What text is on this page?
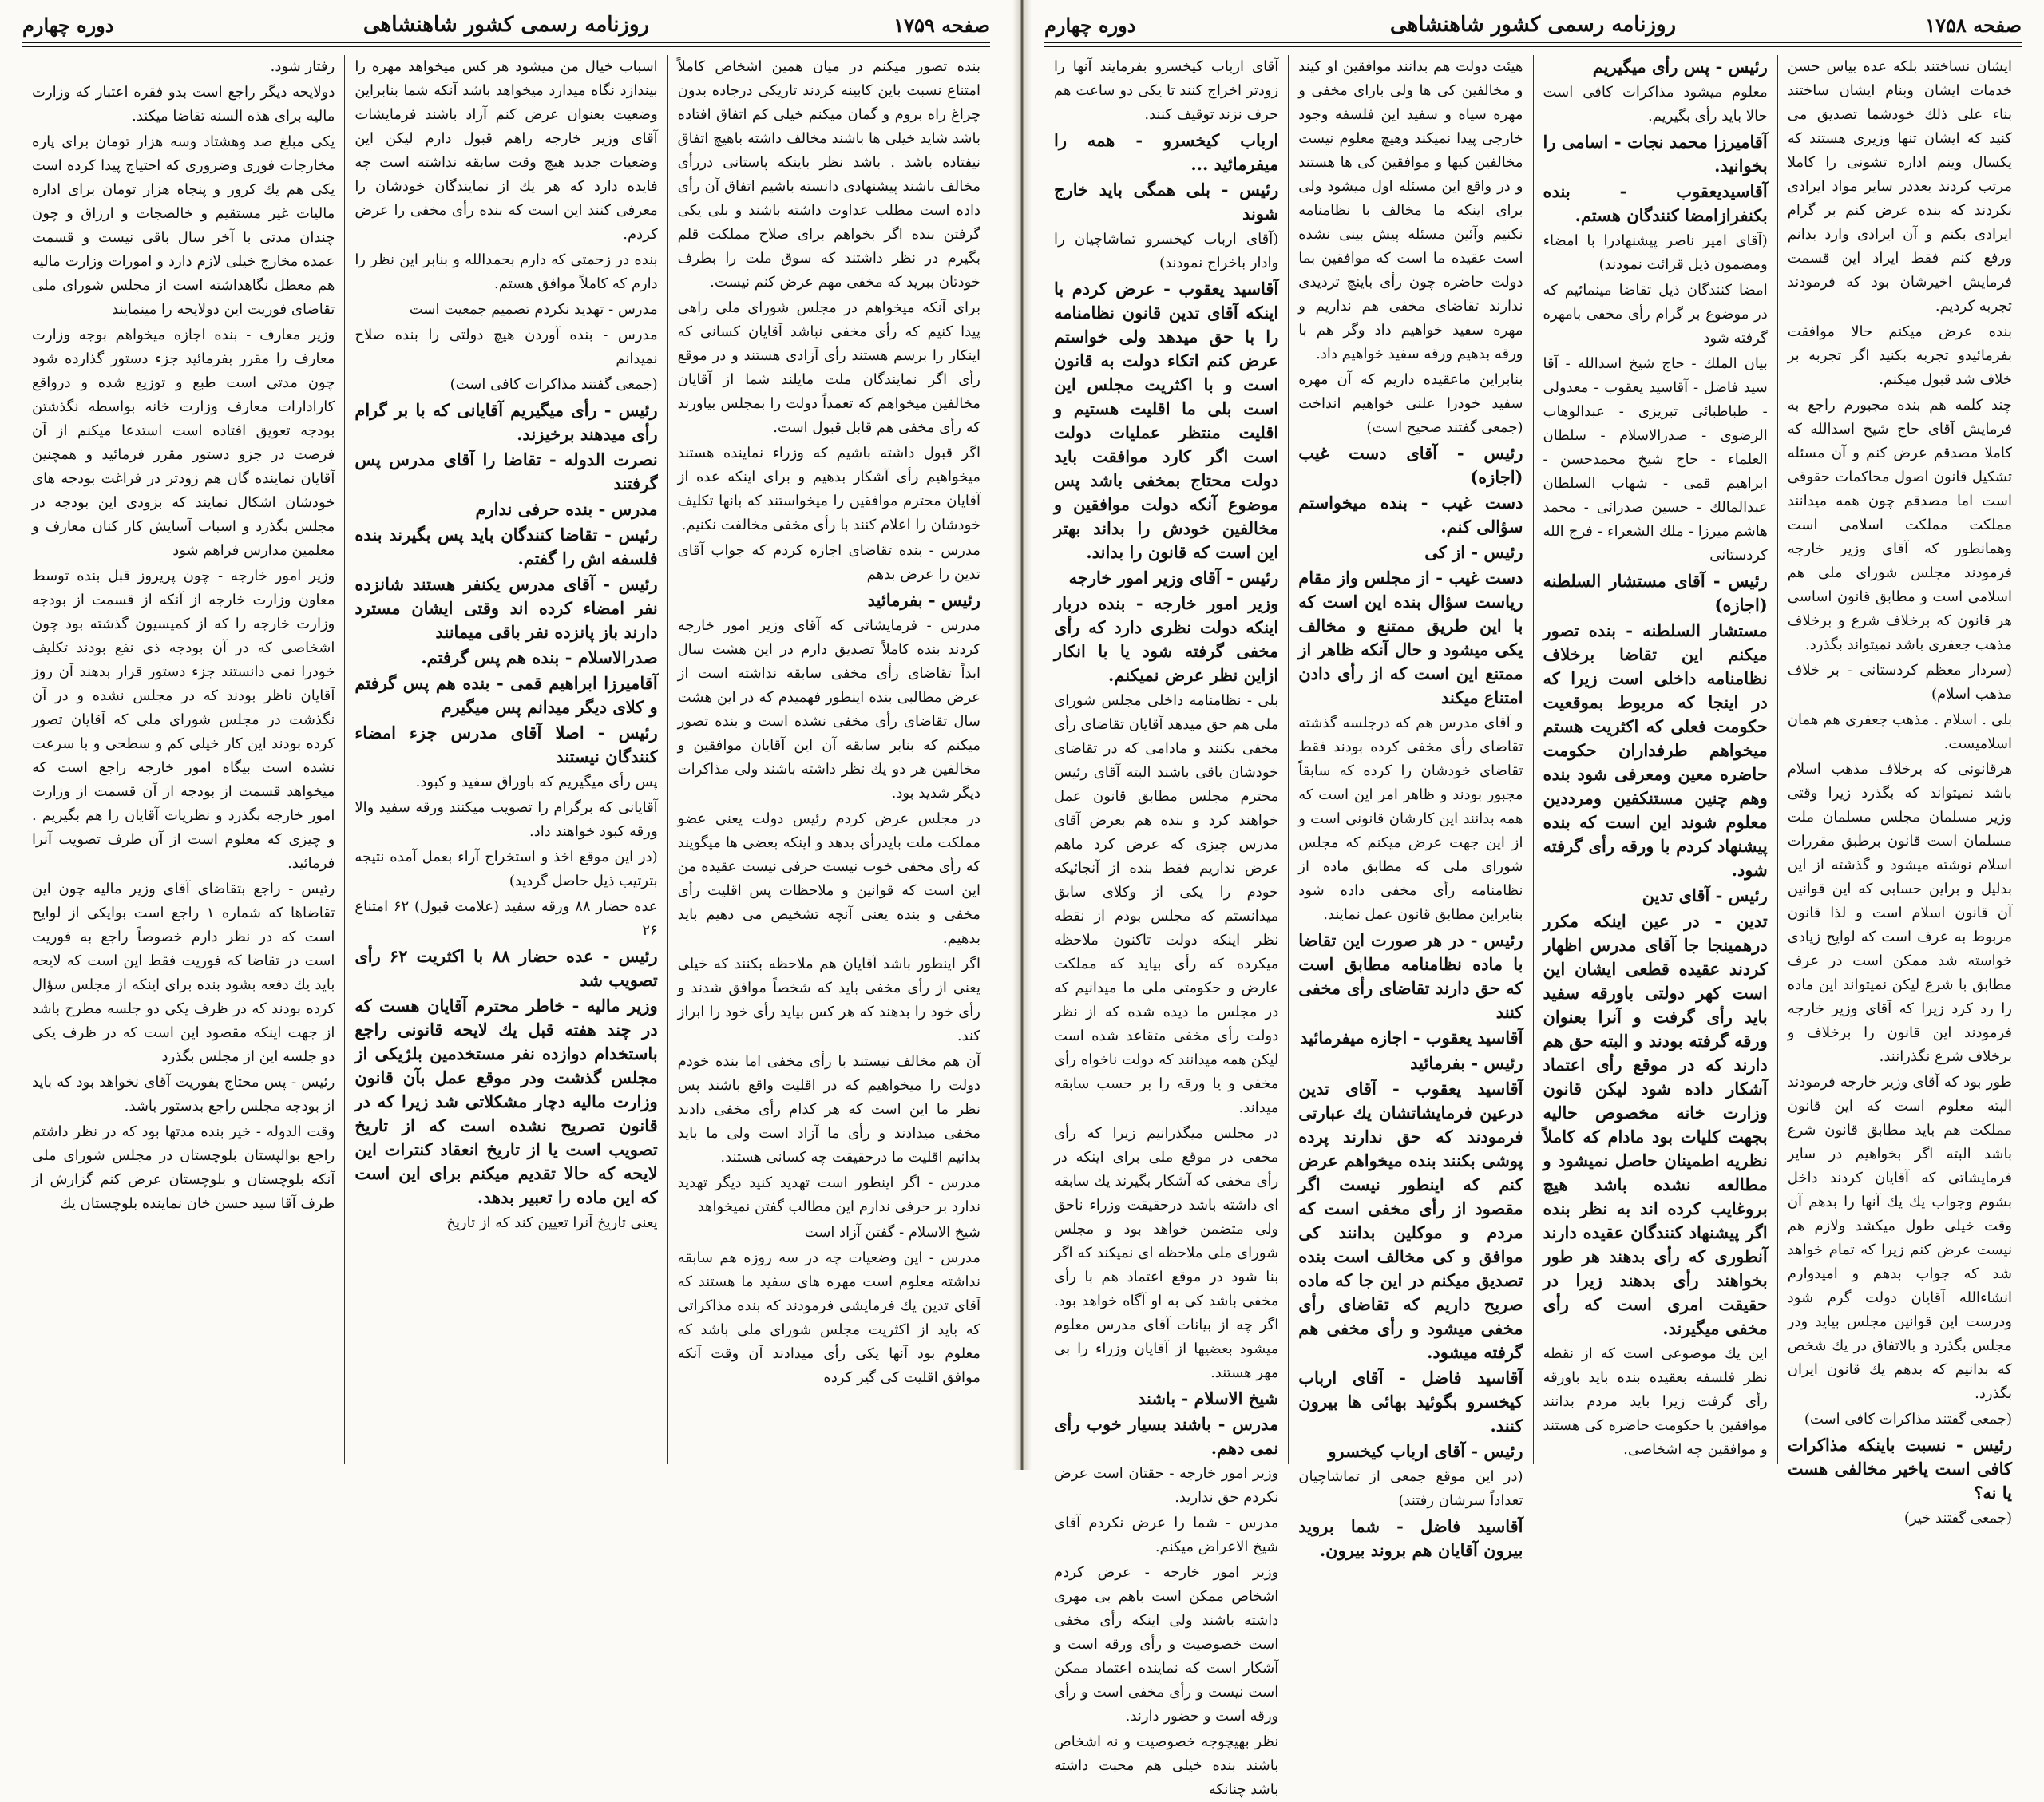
صفحه ۱۷۵۸
روزنامه رسمی کشور شاهنشاهی
دوره چهارم
ایشان نساختند بلکه عده بیاس حسن خدمات ایشان وبنام ایشان ساختند بناء علی ذلك خودشما تصدیق می کنید که ایشان تنها وزیری هستند که یکسال وینم اداره تشونی را کاملا مرتب کردند بعددر سایر مواد ایرادی نکردند که بنده عرض کنم بر گرام ایرادی بکنم و آن ایرادی وارد بدانم ورفع کنم فقط ایراد این قسمت فرمایش اخیرشان بود که فرمودند تجربه کردیم.
بنده عرض میکنم حالا موافقت بفرمائیدو تجربه بکنید اگر تجربه بر خلاف شد قبول میکنم.
چند کلمه هم بنده مجبورم راجع به فرمایش آقای حاج شیخ اسدالله که کاملا مصدقم عرض کنم و آن مسئله تشکیل قانون اصول محاکمات حقوقی است اما مصدقم چون همه میدانند مملکت مملکت اسلامی است وهمانطور که آقای وزیر خارجه فرمودند مجلس شورای ملی هم اسلامی است و مطابق قانون اساسی هر قانون که برخلاف شرع و برخلاف مذهب جعفری باشد نمیتواند بگذرد.
(سردار معظم کردستانی - بر خلاف مذهب اسلام)
بلی . اسلام . مذهب جعفری هم همان اسلامیست.
هرقانونی که برخلاف مذهب اسلام باشد نمیتواند که بگذرد زیرا وقتی وزیر مسلمان مجلس مسلمان ملت مسلمان است قانون برطبق مقررات اسلام نوشته میشود و گذشته از این بدلیل و براین حسابی که این قوانین آن قانون اسلام است و لذا قانون مربوط به عرف است که لوایح زیادی خواسته شد ممکن است در عرف مطابق با شرع لیکن نمیتواند این ماده را رد کرد زیرا که آقای وزیر خارجه فرمودند این قانون را برخلاف و برخلاف شرع نگذرانند.
طور بود که آقای وزیر خارجه فرمودند البته معلوم است که این قانون مملکت هم باید مطابق قانون شرع باشد البته اگر بخواهیم در سایر فرمایشاتی که آقایان کردند داخل بشوم وجواب یك یك آنها را بدهم آن وقت خیلی طول میکشد ولازم هم نیست عرض کنم زیرا که تمام خواهد شد که جواب بدهم و امیدوارم انشاءالله آقایان دولت گرم شود ودرست این قوانین مجلس بیاید ودر مجلس بگذرد و بالاتفاق در یك شخص که بدانیم که بدهم یك قانون ایران بگذرد.
(جمعی گفتند مذاکرات کافی است)
رئیس - نسبت باینکه مذاکرات کافی است یاخیر مخالفی هست یا نه؟
(جمعی گفتند خیر)
رئیس - پس رأی میگیریم
معلوم میشود مذاکرات کافی است حالا باید رأی بگیریم.
آقامیرزا محمد نجات - اسامی را بخوانید.
آقاسیدیعقوب - بنده بکنفرازامضا کنندگان هستم.
(آقای امیر ناصر پیشنهادرا با امضاء ومضمون ذیل قرائت نمودند)
امضا کنندگان ذیل تقاضا مینمائیم که در موضوع بر گرام رأی مخفی بامهره گرفته شود
بیان الملك - حاج شیخ اسدالله - آقا سید فاضل - آقاسید یعقوب - معدولی - طباطبائی تبریزی - عبدالوهاب الرضوی - صدرالاسلام - سلطان العلماء - حاج شیخ محمدحسن - ابراهیم قمی - شهاب السلطان عبدالمالك - حسین صدرائی - محمد هاشم میرزا - ملك الشعراء - فرج الله کردستانی
رئیس - آقای مستشار السلطنه (اجازه)
مستشار السلطنه - بنده تصور میکنم این تقاضا برخلاف نظامنامه داخلی است زیرا که در اینجا که مربوط بموقعیت حکومت فعلی که اکثریت هستم میخواهم طرفداران حکومت حاضره معین ومعرفی شود بنده وهم چنین مستنکفین ومرددین معلوم شوند این است که بنده پیشنهاد کردم با ورقه رأی گرفته شود.
رئیس - آقای تدین
تدین - در عین اینکه مکرر درهمینجا جا آقای مدرس اظهار کردند عقیده قطعی ایشان این است کهر دولتی باورقه سفید باید رأی گرفت و آنرا بعنوان ورقه گرفته بودند و البته حق هم دارند که در موقع رأی اعتماد آشکار داده شود لیکن قانون وزارت خانه مخصوص حالیه بجهت کلیات بود مادام که کاملاً نظریه اطمینان حاصل نمیشود و مطالعه نشده باشد هیچ بروغایب کرده اند به نظر بنده اگر پیشنهاد کنندگان عقیده دارند آنطوری که رأی بدهند هر طور بخواهند رأی بدهند زیرا در حقیقت امری است که رأی مخفی میگیرند.
این یك موضوعی است که از نقطه نظر فلسفه بعقیده بنده باید باورقه رأی گرفت زیرا باید مردم بدانند موافقین با حکومت حاضره کی هستند و موافقین چه اشخاصی.
هیئت دولت هم بدانند موافقین او کیند و مخالفین کی ها ولی بارای مخفی و مهره سیاه و سفید این فلسفه وجود خارجی پیدا نمیکند وهیچ معلوم نیست مخالفین کیها و موافقین کی ها هستند و در واقع این مسئله اول میشود ولی برای اینکه ما مخالف با نظامنامه نکنیم وآئین مسئله پیش بینی نشده است عقیده ما است که موافقین بما دولت حاضره چون رأی باینچ تردیدی ندارند تقاضای مخفی هم نداریم و مهره سفید خواهیم داد وگر هم با ورقه بدهیم ورقه سفید خواهیم داد.
بنابراین ماعقیده داریم که آن مهره سفید خودرا علنی خواهیم انداخت (جمعی گفتند صحیح است)
رئیس - آقای دست غیب (اجازه)
دست غیب - بنده میخواستم سؤالی کنم.
رئیس - از کی
دست غیب - از مجلس واز مقام ریاست سؤال بنده این است که با این طریق ممتنع و مخالف یکی میشود و حال آنکه ظاهر از ممتنع این است که از رأی دادن امتناع میکند
و آقای مدرس هم که درجلسه گذشته تقاضای رأی مخفی کرده بودند فقط تقاضای خودشان را کرده که سابقاً مجبور بودند و ظاهر امر این است که همه بدانند این کارشان قانونی است و از این جهت عرض میکنم که مجلس شورای ملی که مطابق ماده از نظامنامه رأی مخفی داده شود بنابراین مطابق قانون عمل نمایند.
رئیس - در هر صورت این تقاضا با ماده نظامنامه مطابق است که حق دارند تقاضای رأی مخفی کنند
آقاسید یعقوب - اجازه میفرمائید
رئیس - بفرمائید
آقاسید یعقوب - آقای تدین درعین فرمایشاتشان یك عبارتی فرمودند که حق ندارند پرده پوشی بکنند بنده میخواهم عرض کنم که اینطور نیست اگر مقصود از رأی مخفی است که مردم و موکلین بدانند کی موافق و کی مخالف است بنده تصدیق میکنم در این جا که ماده صریح داریم که تقاضای رأی مخفی میشود و رأی مخفی هم گرفته میشود.
آقاسید فاضل - آقای ارباب کیخسرو بگوئید بهائی ها بیرون کنند.
رئیس - آقای ارباب کیخسرو
(در این موقع جمعی از تماشاچیان تعداداً سرشان رفتند)
آقاسید فاضل - شما بروید بیرون آقایان هم بروند بیرون.
آقای ارباب کیخسرو بفرمایند آنها را زودتر اخراج کنند تا یکی دو ساعت هم حرف نزند توقیف کنند.
ارباب کیخسرو - همه را میفرمائید ...
رئیس - بلی همگی باید خارج شوند
(آقای ارباب کیخسرو تماشاچیان را وادار باخراج نمودند)
آقاسید یعقوب - عرض کردم با اینکه آقای تدین قانون نظامنامه را با حق میدهد ولی خواستم عرض کنم اتکاء دولت به قانون است و با اکثریت مجلس این است بلی ما اقلیت هستیم و اقلیت منتظر عملیات دولت است اگر کارد موافقت باید دولت محتاج بمخفی باشد پس موضوع آنکه دولت موافقین و مخالفین خودش را بداند بهتر این است که قانون را بداند.
رئیس - آقای وزیر امور خارجه
وزیر امور خارجه - بنده دربار اینکه دولت نظری دارد که رأی مخفی گرفته شود یا با انکار ازاین نظر عرض نمیکنم.
بلی - نظامنامه داخلی مجلس شورای ملی هم حق میدهد آقایان تقاضای رأی مخفی بکنند و مادامی که در تقاضای خودشان باقی باشند البته آقای رئیس محترم مجلس مطابق قانون عمل خواهند کرد و بنده هم بعرض آقای مدرس چیزی که عرض کرد ماهم عرض نداریم فقط بنده از آنجائیکه خودم را یکی از وکلای سابق میدانستم که مجلس بودم از نقطه نظر اینکه دولت تاکنون ملاحظه میکرده که رأی بیاید که مملکت عارض و حکومتی ملی ما میدانیم که در مجلس ما دیده شده که از نظر دولت رأی مخفی متقاعد شده است لیکن همه میدانند که دولت ناخواه رأی مخفی و یا ورقه را بر حسب سابقه میداند.
در مجلس میگذرانیم زیرا که رأی مخفی در موقع ملی برای اینکه در رأی مخفی که آشکار بگیرند یك سابقه ای داشته باشد درحقیقت وزراء ناحق ولی متضمن خواهد بود و مجلس شورای ملی ملاحظه ای نمیکند که اگر بنا شود در موقع اعتماد هم با رأی مخفی باشد کی به او آگاه خواهد بود. اگر چه از بیانات آقای مدرس معلوم میشود بعضیها از آقایان وزراء را بی مهر هستند.
شیخ الاسلام - باشند
مدرس - باشند بسیار خوب رأی نمی دهم.
وزیر امور خارجه - حقتان است عرض نکردم حق ندارید.
مدرس - شما را عرض نکردم آقای شیخ الاعراض میکنم.
وزیر امور خارجه - عرض کردم اشخاص ممکن است باهم بی مهری داشته باشند ولی اینکه رأی مخفی است خصوصیت و رأی ورقه است و آشکار است که نماینده اعتماد ممکن است نیست و رأی مخفی است و رأی ورقه است و حضور دارند.
نظر بهیچوجه خصوصیت و نه اشخاص باشند بنده خیلی هم محبت داشته باشد چنانکه
صفحه ۱۷۵۹
روزنامه رسمی کشور شاهنشاهی
دوره چهارم
بنده تصور میکنم در میان همین اشخاص کاملاً امتناع نسبت باین کابینه کردند تاریکی درجاده بدون چراغ راه بروم و گمان میکنم خیلی کم اتفاق افتاده باشد شاید خیلی ها باشند مخالف داشته باهیچ اتفاق نیفتاده باشد . باشد نظر باینکه پاستانی دررأی مخالف باشند پیشنهادی دانسته باشیم اتفاق آن رأی داده است مطلب عداوت داشته باشند و بلی یکی گرفتن بنده اگر بخواهم برای صلاح مملکت قلم بگیرم در نظر داشتند که سوق ملت را بطرف خودتان ببرید که مخفی مهم عرض کنم نیست.
برای آنکه میخواهم در مجلس شورای ملی راهی پیدا کنیم که رأی مخفی نباشد آقایان کسانی که اینکار را برسم هستند رأی آزادی هستند و در موقع رأی اگر نمایندگان ملت مایلند شما از آقایان مخالفین میخواهم که تعمداً دولت را بمجلس بیاورند که رأی مخفی هم قابل قبول است.
اگر قبول داشته باشیم که وزراء نماینده هستند میخواهیم رأی آشکار بدهیم و برای اینکه عده از آقایان محترم موافقین را میخواستند که بانها تکلیف خودشان را اعلام کنند با رأی مخفی مخالفت نکنیم.
مدرس - بنده تقاضای اجازه کردم که جواب آقای تدین را عرض بدهم
رئیس - بفرمائید
مدرس - فرمایشاتی که آقای وزیر امور خارجه کردند بنده کاملاً تصدیق دارم در این هشت سال ابداً تقاضای رأی مخفی سابقه نداشته است از عرض مطالبی بنده اینطور فهمیدم که در این هشت سال تقاضای رأی مخفی نشده است و بنده تصور میکنم که بنابر سابقه آن این آقایان موافقین و مخالفین هر دو یك نظر داشته باشند ولی مذاکرات دیگر شدید بود.
در مجلس عرض کردم رئیس دولت یعنی عضو مملکت ملت بایدرأی بدهد و اینکه بعضی ها میگویند که رأی مخفی خوب نیست حرفی نیست عقیده من این است که قوانین و ملاحظات پس اقلیت رأی مخفی و بنده یعنی آنچه تشخیص می دهیم باید بدهیم.
اگر اینطور باشد آقایان هم ملاحظه بکنند که خیلی یعنی از رأی مخفی باید که شخصاً موافق شدند و رأی خود را بدهند که هر کس بیاید رأی خود را ابراز کند.
آن هم مخالف نیستند با رأی مخفی اما بنده خودم دولت را میخواهیم که در اقلیت واقع باشند پس نظر ما این است که هر کدام رأی مخفی دادند مخفی میدادند و رأی ما آزاد است ولی ما باید بدانیم اقلیت ما درحقیقت چه کسانی هستند.
مدرس - اگر اینطور است تهدید کنید دیگر تهدید ندارد بر حرفی ندارم این مطالب گفتن نمیخواهد
شیخ الاسلام - گفتن آزاد است
مدرس - این وضعیات چه در سه روزه هم سابقه نداشته معلوم است مهره های سفید ما هستند که آقای تدین یك فرمایشی فرمودند که بنده مذاکراتی که باید از اکثریت مجلس شورای ملی باشد که معلوم بود آنها یکی رأی میدادند آن وقت آنکه موافق اقلیت کی گیر کرده
اسباب خیال من میشود هر کس میخواهد مهره را بیندازد نگاه میدارد میخواهد باشد آنکه شما بنابراین وضعیت بعنوان عرض کنم آزاد باشند فرمایشات آقای وزیر خارجه راهم قبول دارم لیکن این وضعیات جدید هیچ وقت سابقه نداشته است چه فایده دارد که هر یك از نمایندگان خودشان را معرفی کنند این است که بنده رأی مخفی را عرض کردم.
بنده در زحمتی که دارم بحمدالله و بنابر این نظر را دارم که کاملاً موافق هستم.
مدرس - تهدید نکردم تصمیم جمعیت است
مدرس - بنده آوردن هیچ دولتی را بنده صلاح نمیدانم
(جمعی گفتند مذاکرات کافی است)
رئیس - رأی میگیریم آقایانی که با بر گرام رأی میدهند برخیزند.
نصرت الدوله - تقاضا را آقای مدرس پس گرفتند
مدرس - بنده حرفی ندارم
رئیس - تقاضا کنندگان باید پس بگیرند بنده فلسفه اش را گفتم.
رئیس - آقای مدرس یکنفر هستند شانزده نفر امضاء کرده اند وقتی ایشان مسترد دارند باز پانزده نفر باقی میمانند
صدرالاسلام - بنده هم پس گرفتم.
آقامیرزا ابراهیم قمی - بنده هم پس گرفتم و کلای دیگر میدانم پس میگیرم
رئیس - اصلا آقای مدرس جزء امضاء کنندگان نیستند
پس رأی میگیریم که باوراق سفید و کبود.
آقایانی که برگرام را تصویب میکنند ورقه سفید والا ورقه کبود خواهند داد.
(در این موقع اخذ و استخراج آراء بعمل آمده نتیجه بترتیب ذیل حاصل گردید)
عده حضار ۸۸ ورقه سفید (علامت قبول) ۶۲ امتناع ۲۶
رئیس - عده حضار ۸۸ با اکثریت ۶۲ رأی تصویب شد
وزیر مالیه - خاطر محترم آقایان هست که در چند هفته قبل یك لایحه قانونی راجع باستخدام دوازده نفر مستخدمین بلژیکی از مجلس گذشت ودر موقع عمل بآن قانون وزارت مالیه دچار مشکلاتی شد زیرا که در قانون تصریح نشده است که از تاریخ تصویب است یا از تاریخ انعقاد کنترات این لایحه که حالا تقدیم میکنم برای این است که این ماده را تعبیر بدهد.
یعنی تاریخ آنرا تعیین کند که از تاریخ
رفتار شود.
دولایحه دیگر راجع است بدو فقره اعتبار که وزارت مالیه برای هذه السنه تقاضا میکند.
یکی مبلغ صد وهشتاد وسه هزار تومان برای پاره مخارجات فوری وضروری که احتیاج پیدا کرده است یکی هم یك کرور و پنجاه هزار تومان برای اداره مالیات غیر مستقیم و خالصجات و ارزاق و چون چندان مدتی با آخر سال باقی نیست و قسمت عمده مخارج خیلی لازم دارد و امورات وزارت مالیه هم معطل نگاهداشته است از مجلس شورای ملی تقاضای فوریت این دولایحه را مینمایند
وزیر معارف - بنده اجازه میخواهم بوجه وزارت معارف را مقرر بفرمائید جزء دستور گذارده شود چون مدتی است طبع و توزیع شده و درواقع کارادارات معارف وزارت خانه بواسطه نگذشتن بودجه تعویق افتاده است استدعا میکنم از آن فرصت در جزو دستور مقرر فرمائید و همچنین آقایان نماینده گان هم زودتر در فراغت بودجه های خودشان اشکال نمایند که بزودی این بودجه در مجلس بگذرد و اسباب آسایش کار کنان معارف و معلمین مدارس فراهم شود
وزیر امور خارجه - چون پریروز قبل بنده توسط معاون وزارت خارجه از آنکه از قسمت از بودجه وزارت خارجه را که از کمیسیون گذشته بود چون اشخاصی که در آن بودجه ذی نفع بودند تکلیف خودرا نمی دانستند جزء دستور قرار بدهند آن روز آقایان ناظر بودند که در مجلس نشده و در آن نگذشت در مجلس شورای ملی که آقایان تصور کرده بودند این کار خیلی کم و سطحی و با سرعت نشده است بیگاه امور خارجه راجع است که میخواهد قسمت از بودجه از آن قسمت از وزارت امور خارجه بگذرد و نظریات آقایان را هم بگیریم . و چیزی که معلوم است از آن طرف تصویب آنرا فرمائید.
رئیس - راجع بتقاضای آقای وزیر مالیه چون این تقاضاها که شماره ۱ راجع است بوایکی از لوایح است که در نظر دارم خصوصاً راجع به فوریت است در تقاضا که فوریت فقط این است که لایحه باید یك دفعه بشود بنده برای اینکه از مجلس سؤال کرده بودند که در ظرف یکی دو جلسه مطرح باشد از جهت اینکه مقصود این است که در ظرف یکی دو جلسه این از مجلس بگذرد
رئیس - پس محتاج بفوریت آقای نخواهد بود که باید از بودجه مجلس راجع بدستور باشد.
وقت الدوله - خیر بنده مدتها بود که در نظر داشتم راجع بوالپستان بلوچستان در مجلس شورای ملی آنکه بلوچستان و بلوچستان عرض کنم گزارش از طرف آقا سید حسن خان نماینده بلوچستان یك
